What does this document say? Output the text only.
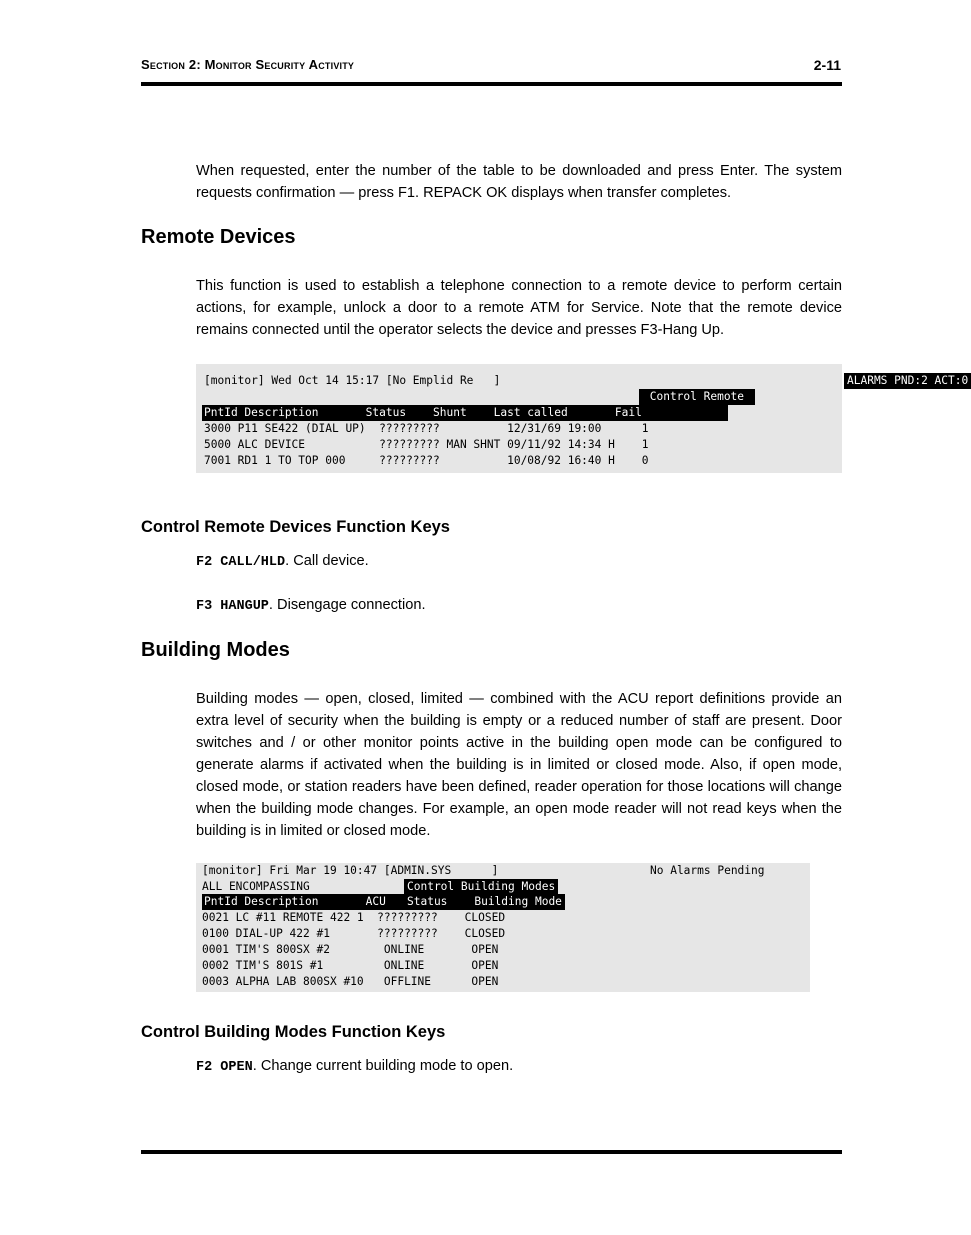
Section 2: Monitor Security Activity	2-11
When requested, enter the number of the table to be downloaded and press Enter. The system requests confirmation — press F1. REPACK OK displays when transfer completes.
Remote Devices
This function is used to establish a telephone connection to a remote device to perform certain actions, for example, unlock a door to a remote ATM for Service. Note that the remote device remains connected until the operator selects the device and presses F3-Hang Up.
[monitor] Wed Oct 14 15:17 [No Emplid Re   ]	ALARMS PND:2 ACT:0
Control Remote
PntId Description       Status    Shunt    Last called       Fail
3000 P11 SE422 (DIAL UP)  ?????????          12/31/69 19:00      1
5000 ALC DEVICE           ????????? MAN SHNT 09/11/92 14:34 H    1
7001 RD1 1 TO TOP 000     ?????????          10/08/92 16:40 H    0
Control Remote Devices Function Keys
F2 CALL/HLD. Call device.
F3 HANGUP. Disengage connection.
Building Modes
Building modes — open, closed, limited — combined with the ACU report definitions provide an extra level of security when the building is empty or a reduced number of staff are present. Door switches and / or other monitor points active in the building open mode can be configured to generate alarms if activated when the building is in limited or closed mode. Also, if open mode, closed mode, or station readers have been defined, reader operation for those locations will change when the building mode changes. For example, an open mode reader will not read keys when the building is in limited or closed mode.
[monitor] Fri Mar 19 10:47 [ADMIN.SYS      ]	No Alarms Pending
ALL ENCOMPASSING	Control Building Modes
PntId Description       ACU	Status    Building Mode
0021 LC #11 REMOTE 422 1  ?????????    CLOSED
0100 DIAL-UP 422 #1       ?????????    CLOSED
0001 TIM'S 800SX #2        ONLINE       OPEN
0002 TIM'S 801S #1         ONLINE       OPEN
0003 ALPHA LAB 800SX #10   OFFLINE      OPEN
Control Building Modes Function Keys
F2 OPEN. Change current building mode to open.
